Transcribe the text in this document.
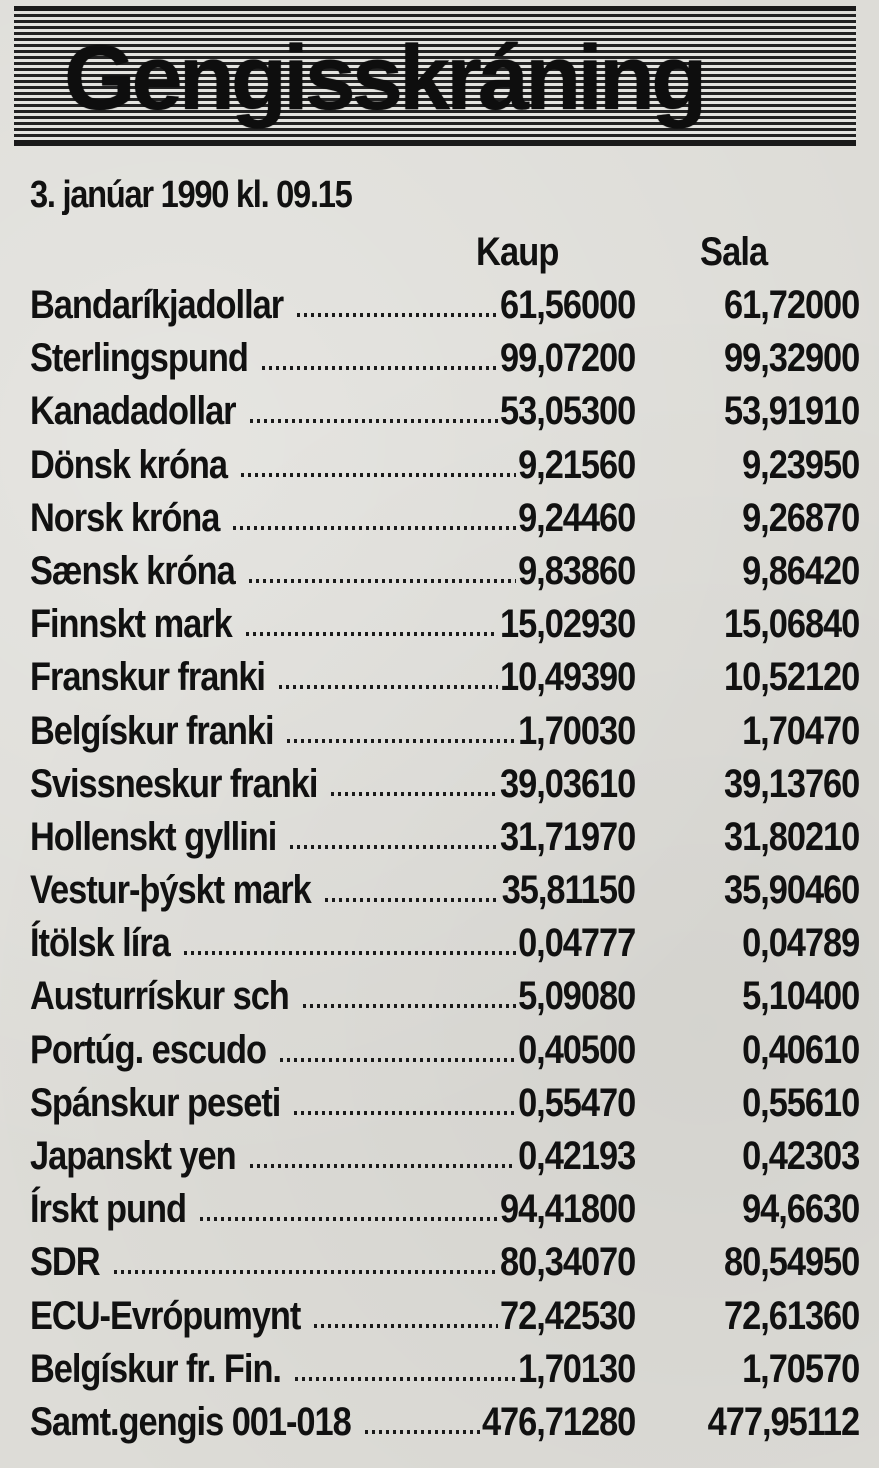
Gengisskráning
3. janúar 1990 kl. 09.15
Kaup	Sala
Bandaríkjadollar	61,56000 61,72000
Sterlingspund	99,07200 99,32900
Kanadadollar	53,05300 53,91910
Dönsk króna	9,21560	9,23950
Norsk króna	9,24460	9,26870
Sænsk króna	9,83860	9,86420
Finnskt mark	15,02930 15,06840
Franskur franki	10,49390 10,52120
Belgískur franki	1,70030	1,70470
Svissneskur franki	39,03610 39,13760
Hollenskt gyllini	31,71970 31,80210
Vestur-þýskt mark	35,81150 35,90460
Ítölsk líra	0,04777	0,04789
Austurrískur sch	5,09080	5,10400
Portúg. escudo	0,40500	0,40610
Spánskur peseti	0,55470	0,55610
Japanskt yen	0,42193	0,42303
Írskt pund	94,41800	94,6630
SDR	80,34070 80,54950
ECU-Evrópumynt	72,42530 72,61360
Belgískur fr. Fin.	1,70130	1,70570
Samt.gengis 001-018	476,71280 477,95112
